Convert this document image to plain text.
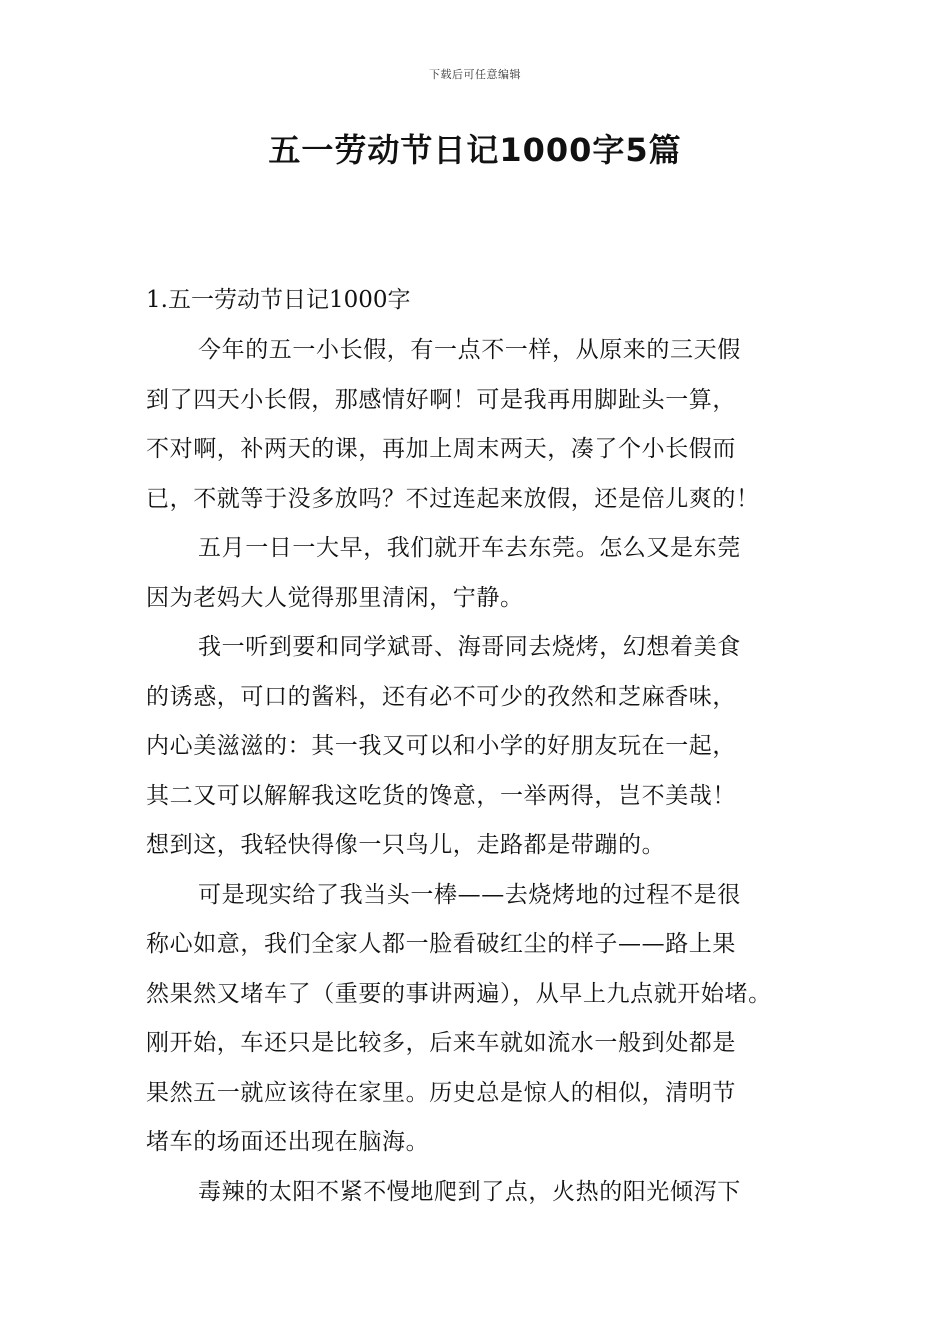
下载后可任意编辑
五一劳动节日记1000字5篇
1.五一劳动节日记1000字
今年的五一小长假，有一点不一样，从原来的三天假
到了四天小长假，那感情好啊！可是我再用脚趾头一算，
不对啊，补两天的课，再加上周末两天，凑了个小长假而
已，不就等于没多放吗？不过连起来放假，还是倍儿爽的！
五月一日一大早，我们就开车去东莞。怎么又是东莞
因为老妈大人觉得那里清闲，宁静。
我一听到要和同学斌哥、海哥同去烧烤，幻想着美食
的诱惑，可口的酱料，还有必不可少的孜然和芝麻香味，
内心美滋滋的：其一我又可以和小学的好朋友玩在一起，
其二又可以解解我这吃货的馋意，一举两得，岂不美哉！
想到这，我轻快得像一只鸟儿，走路都是带蹦的。
可是现实给了我当头一棒——去烧烤地的过程不是很
称心如意，我们全家人都一脸看破红尘的样子——路上果
然果然又堵车了（重要的事讲两遍），从早上九点就开始堵。
刚开始，车还只是比较多，后来车就如流水一般到处都是
果然五一就应该待在家里。历史总是惊人的相似，清明节
堵车的场面还出现在脑海。
毒辣的太阳不紧不慢地爬到了点，火热的阳光倾泻下
